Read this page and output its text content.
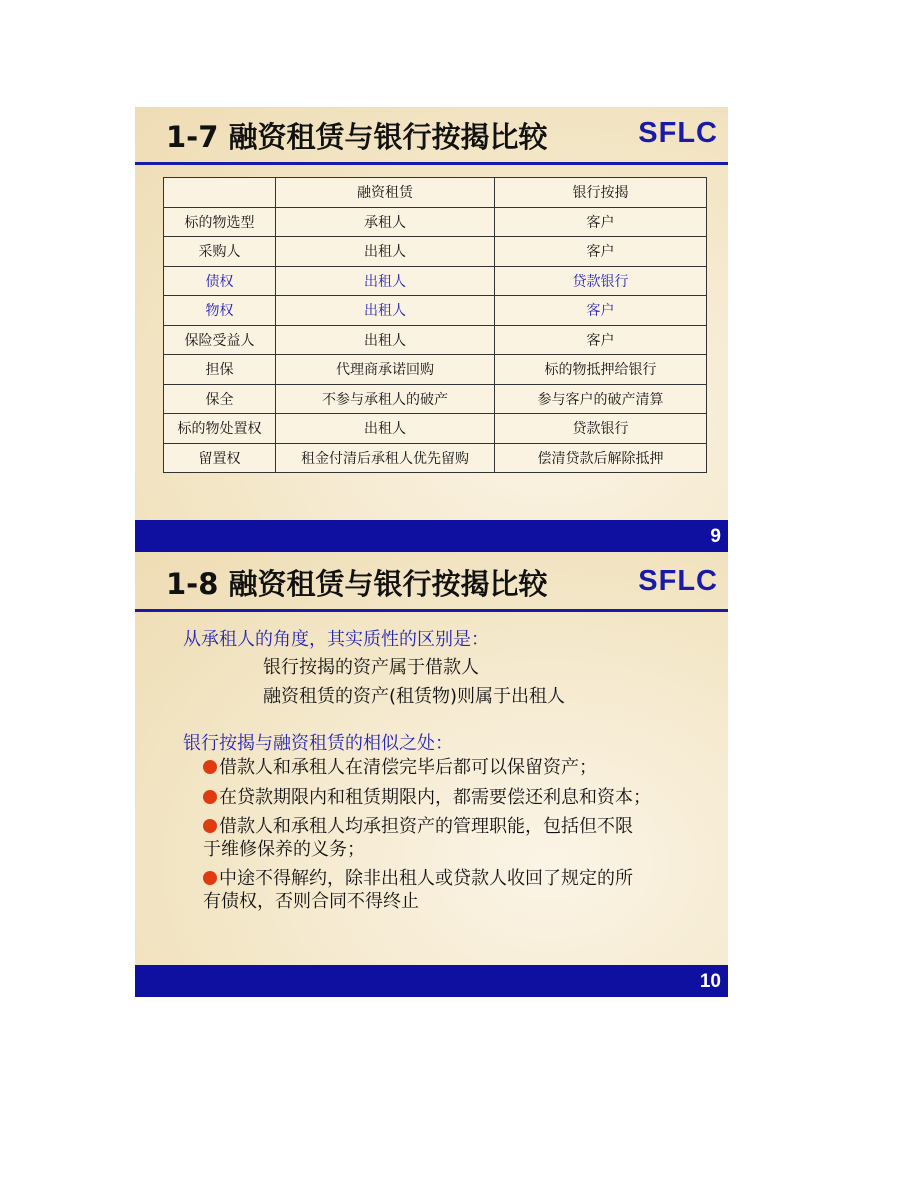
1-7 融资租赁与银行按揭比较	SFLC
	融资租赁	银行按揭
标的物选型	承租人	客户
采购人	出租人	客户
债权	出租人	贷款银行
物权	出租人	客户
保险受益人	出租人	客户
担保	代理商承诺回购	标的物抵押给银行
保全	不参与承租人的破产	参与客户的破产清算
标的物处置权	出租人	贷款银行
留置权	租金付清后承租人优先留购	偿清贷款后解除抵押
9
1-8 融资租赁与银行按揭比较	SFLC
从承租人的角度，其实质性的区别是：
银行按揭的资产属于借款人
融资租赁的资产(租赁物)则属于出租人
银行按揭与融资租赁的相似之处：
借款人和承租人在清偿完毕后都可以保留资产；
在贷款期限内和租赁期限内，都需要偿还利息和资本；
借款人和承租人均承担资产的管理职能，包括但不限
于维修保养的义务；
中途不得解约，除非出租人或贷款人收回了规定的所
有债权，否则合同不得终止
10
